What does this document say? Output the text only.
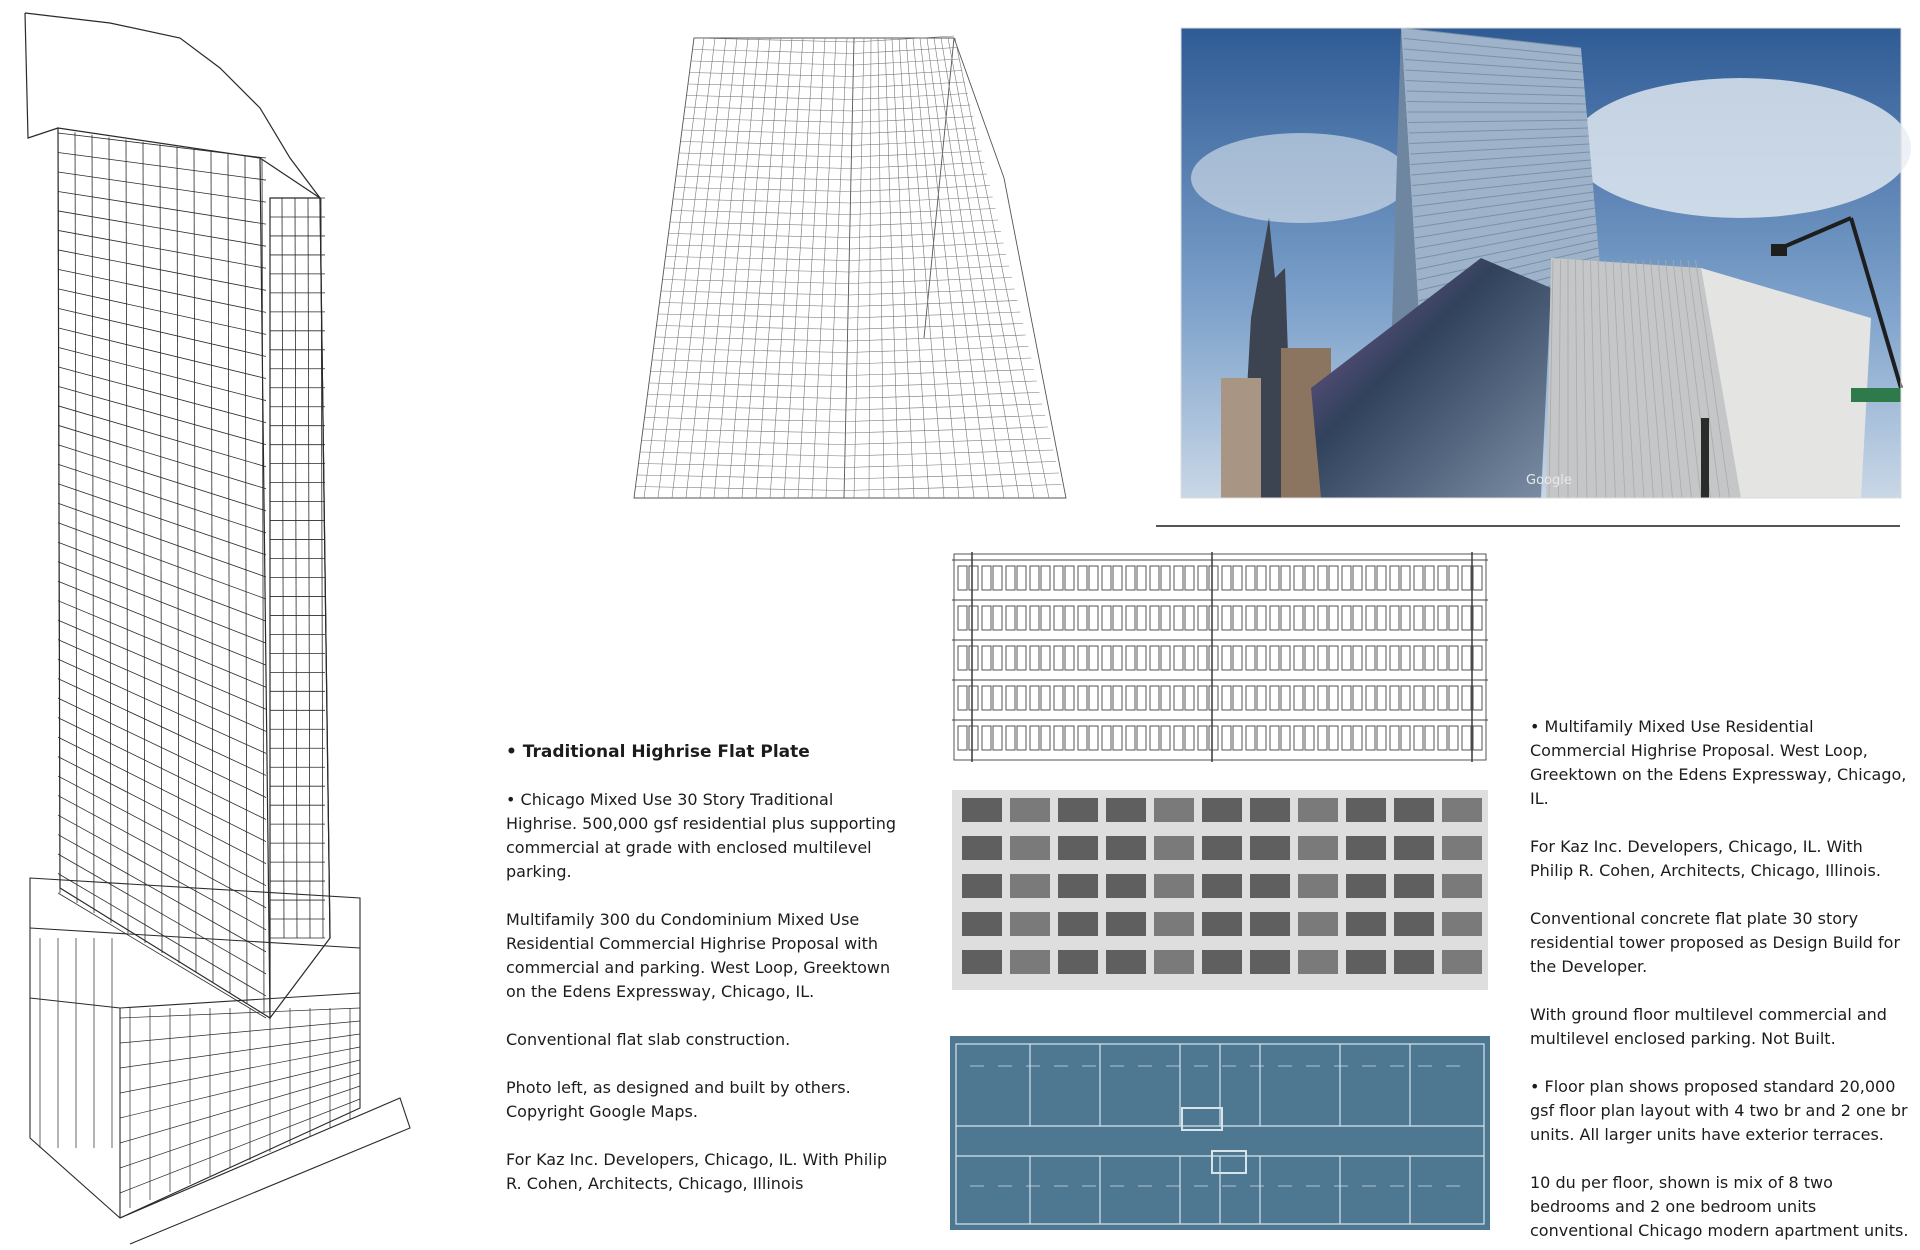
Google

• Traditional Highrise Flat Plate

• Chicago Mixed Use 30 Story Traditional Highrise. 500,000 gsf residential plus supporting commercial at grade with enclosed multilevel parking.

Multifamily 300 du Condominium Mixed Use Residential Commercial Highrise Proposal with commercial and parking. West Loop, Greektown on the Edens Expressway, Chicago, IL.

Conventional flat slab construction.

Photo left, as designed and built by others. Copyright Google Maps.

For Kaz Inc. Developers, Chicago, IL. With Philip R. Cohen, Architects, Chicago, Illinois

• Multifamily Mixed Use Residential Commercial Highrise Proposal. West Loop, Greektown on the Edens Expressway, Chicago, IL.

For Kaz Inc. Developers, Chicago, IL. With Philip R. Cohen, Architects, Chicago, Illinois.

Conventional concrete flat plate 30 story residential tower proposed as Design Build for the Developer.

With ground floor multilevel commercial and multilevel enclosed parking. Not Built.

• Floor plan shows proposed standard 20,000 gsf floor plan layout with 4 two br and 2 one br units. All larger units have exterior terraces.

10 du per floor, shown is mix of 8 two bedrooms and 2 one bedroom units conventional Chicago modern apartment units.
